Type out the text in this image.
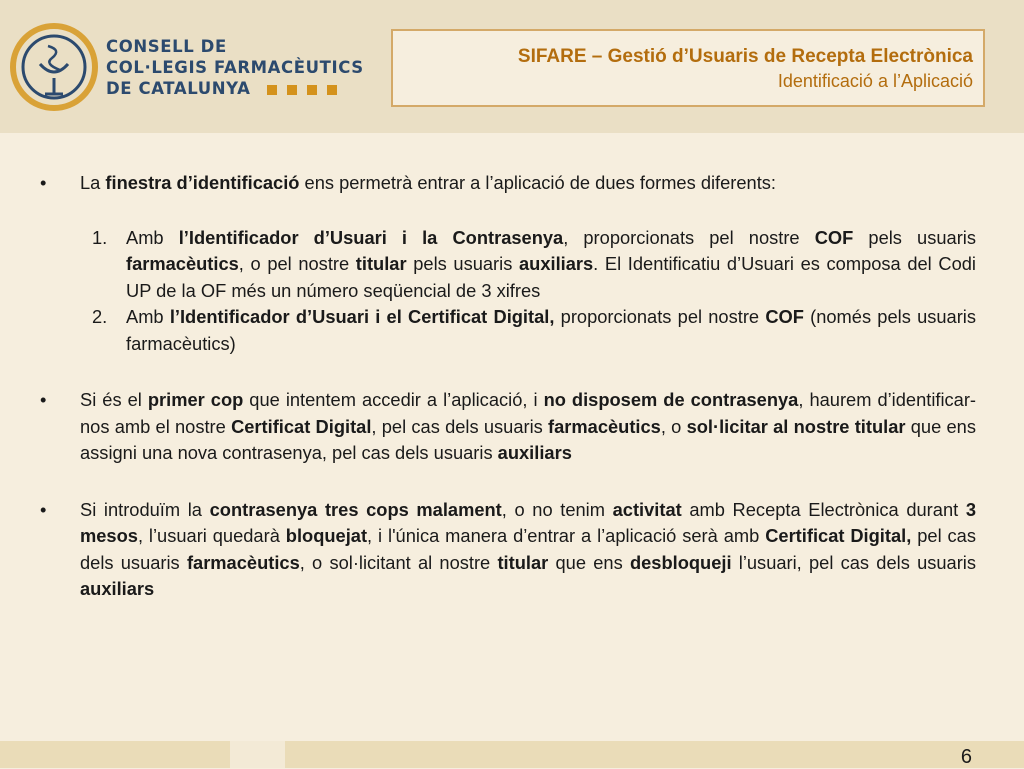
CONSELL DE
COL·LEGIS FARMACÈUTICS
DE CATALUNYA
SIFARE – Gestió d’Usuaris de Recepta Electrònica
Identificació a l’Aplicació
•	La finestra d’identificació ens permetrà entrar a l’aplicació de dues formes diferents:
1. Amb l’Identificador d’Usuari i la Contrasenya, proporcionats pel nostre COF pels usuaris farmacèutics, o pel nostre titular pels usuaris auxiliars. El Identificatiu d’Usuari es composa del Codi UP de la OF més un número seqüencial de 3 xifres
2. Amb l’Identificador d’Usuari i el Certificat Digital, proporcionats pel nostre COF (només pels usuaris farmacèutics)
•	Si és el primer cop que intentem accedir a l’aplicació, i no disposem de contrasenya, haurem d’identificar-nos amb el nostre Certificat Digital, pel cas dels usuaris farmacèutics, o sol·licitar al nostre titular que ens assigni una nova contrasenya, pel cas dels usuaris auxiliars
•	Si introduïm la contrasenya tres cops malament, o no tenim activitat amb Recepta Electrònica durant 3 mesos, l’usuari quedarà bloquejat, i l'única manera d’entrar a l’aplicació serà amb Certificat Digital, pel cas dels usuaris farmacèutics, o sol·licitant al nostre titular que ens desbloqueji l’usuari, pel cas dels usuaris auxiliars
6
